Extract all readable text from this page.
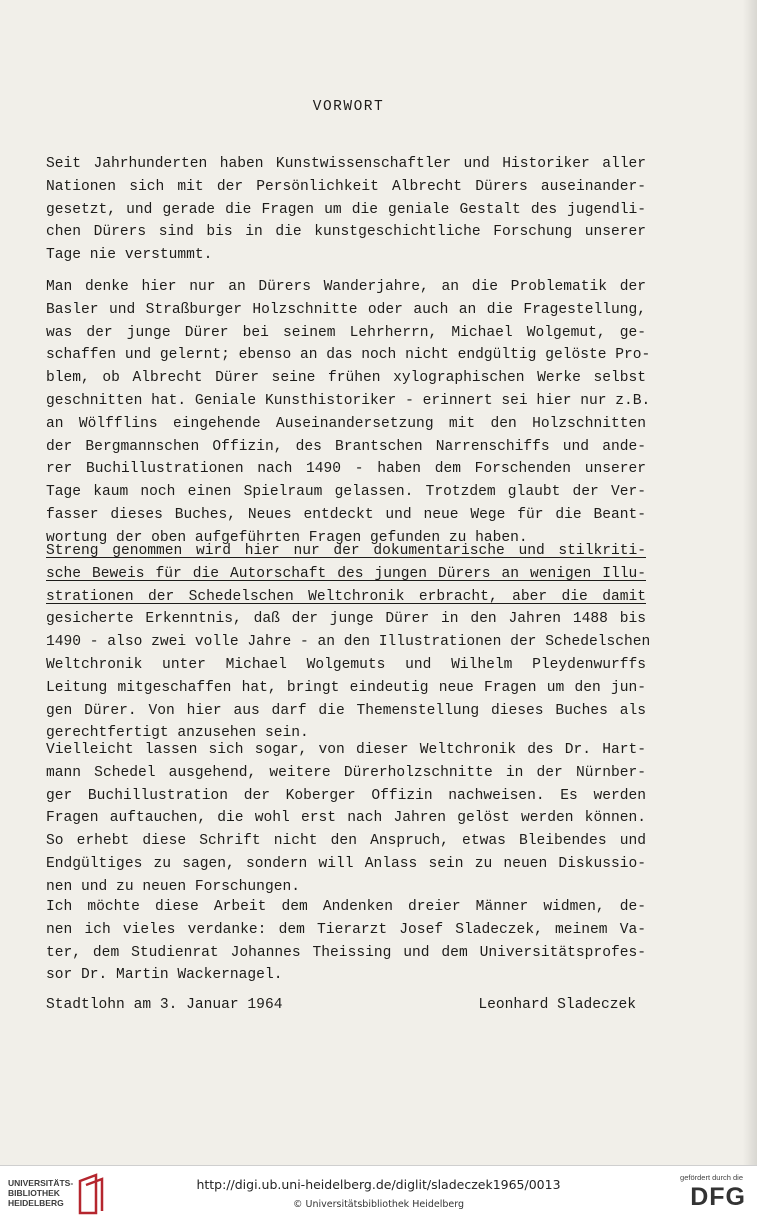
VORWORT
Seit Jahrhunderten haben Kunstwissenschaftler und Historiker aller
Nationen sich mit der Persönlichkeit Albrecht Dürers auseinander-
gesetzt, und gerade die Fragen um die geniale Gestalt des jugendli-
chen Dürers sind bis in die kunstgeschichtliche Forschung unserer
Tage nie verstummt.
Man denke hier nur an Dürers Wanderjahre, an die Problematik der
Basler und Straßburger Holzschnitte oder auch an die Fragestellung,
was der junge Dürer bei seinem Lehrherrn, Michael Wolgemut, ge-
schaffen und gelernt; ebenso an das noch nicht endgültig gelöste Pro-
blem, ob Albrecht Dürer seine frühen xylographischen Werke selbst
geschnitten hat. Geniale Kunsthistoriker - erinnert sei hier nur z.B.
an Wölfflins eingehende Auseinandersetzung mit den Holzschnitten
der Bergmannschen Offizin, des Brantschen Narrenschiffs und ande-
rer Buchillustrationen nach 1490 - haben dem Forschenden unserer
Tage kaum noch einen Spielraum gelassen. Trotzdem glaubt der Ver-
fasser dieses Buches, Neues entdeckt und neue Wege für die Beant-
wortung der oben aufgeführten Fragen gefunden zu haben.
Streng genommen wird hier nur der dokumentarische und stilkriti-
sche Beweis für die Autorschaft des jungen Dürers an wenigen Illu-
strationen der Schedelschen Weltchronik erbracht, aber die damit
gesicherte Erkenntnis, daß der junge Dürer in den Jahren 1488 bis
1490 - also zwei volle Jahre - an den Illustrationen der Schedelschen
Weltchronik unter Michael Wolgemuts und Wilhelm Pleydenwurffs
Leitung mitgeschaffen hat, bringt eindeutig neue Fragen um den jun-
gen Dürer. Von hier aus darf die Themenstellung dieses Buches als
gerechtfertigt anzusehen sein.
Vielleicht lassen sich sogar, von dieser Weltchronik des Dr. Hart-
mann Schedel ausgehend, weitere Dürerholzschnitte in der Nürnber-
ger Buchillustration der Koberger Offizin nachweisen. Es werden
Fragen auftauchen, die wohl erst nach Jahren gelöst werden können.
So erhebt diese Schrift nicht den Anspruch, etwas Bleibendes und
Endgültiges zu sagen, sondern will Anlass sein zu neuen Diskussio-
nen und zu neuen Forschungen.
Ich möchte diese Arbeit dem Andenken dreier Männer widmen, de-
nen ich vieles verdanke: dem Tierarzt Josef Sladeczek, meinem Va-
ter, dem Studienrat Johannes Theissing und dem Universitätsprofes-
sor Dr. Martin Wackernagel.
Stadtlohn am 3. Januar 1964	Leonhard Sladeczek
UNIVERSITÄTS-
BIBLIOTHEK
HEIDELBERG
http://digi.ub.uni-heidelberg.de/diglit/sladeczek1965/0013
© Universitätsbibliothek Heidelberg
gefördert durch die
DFG
